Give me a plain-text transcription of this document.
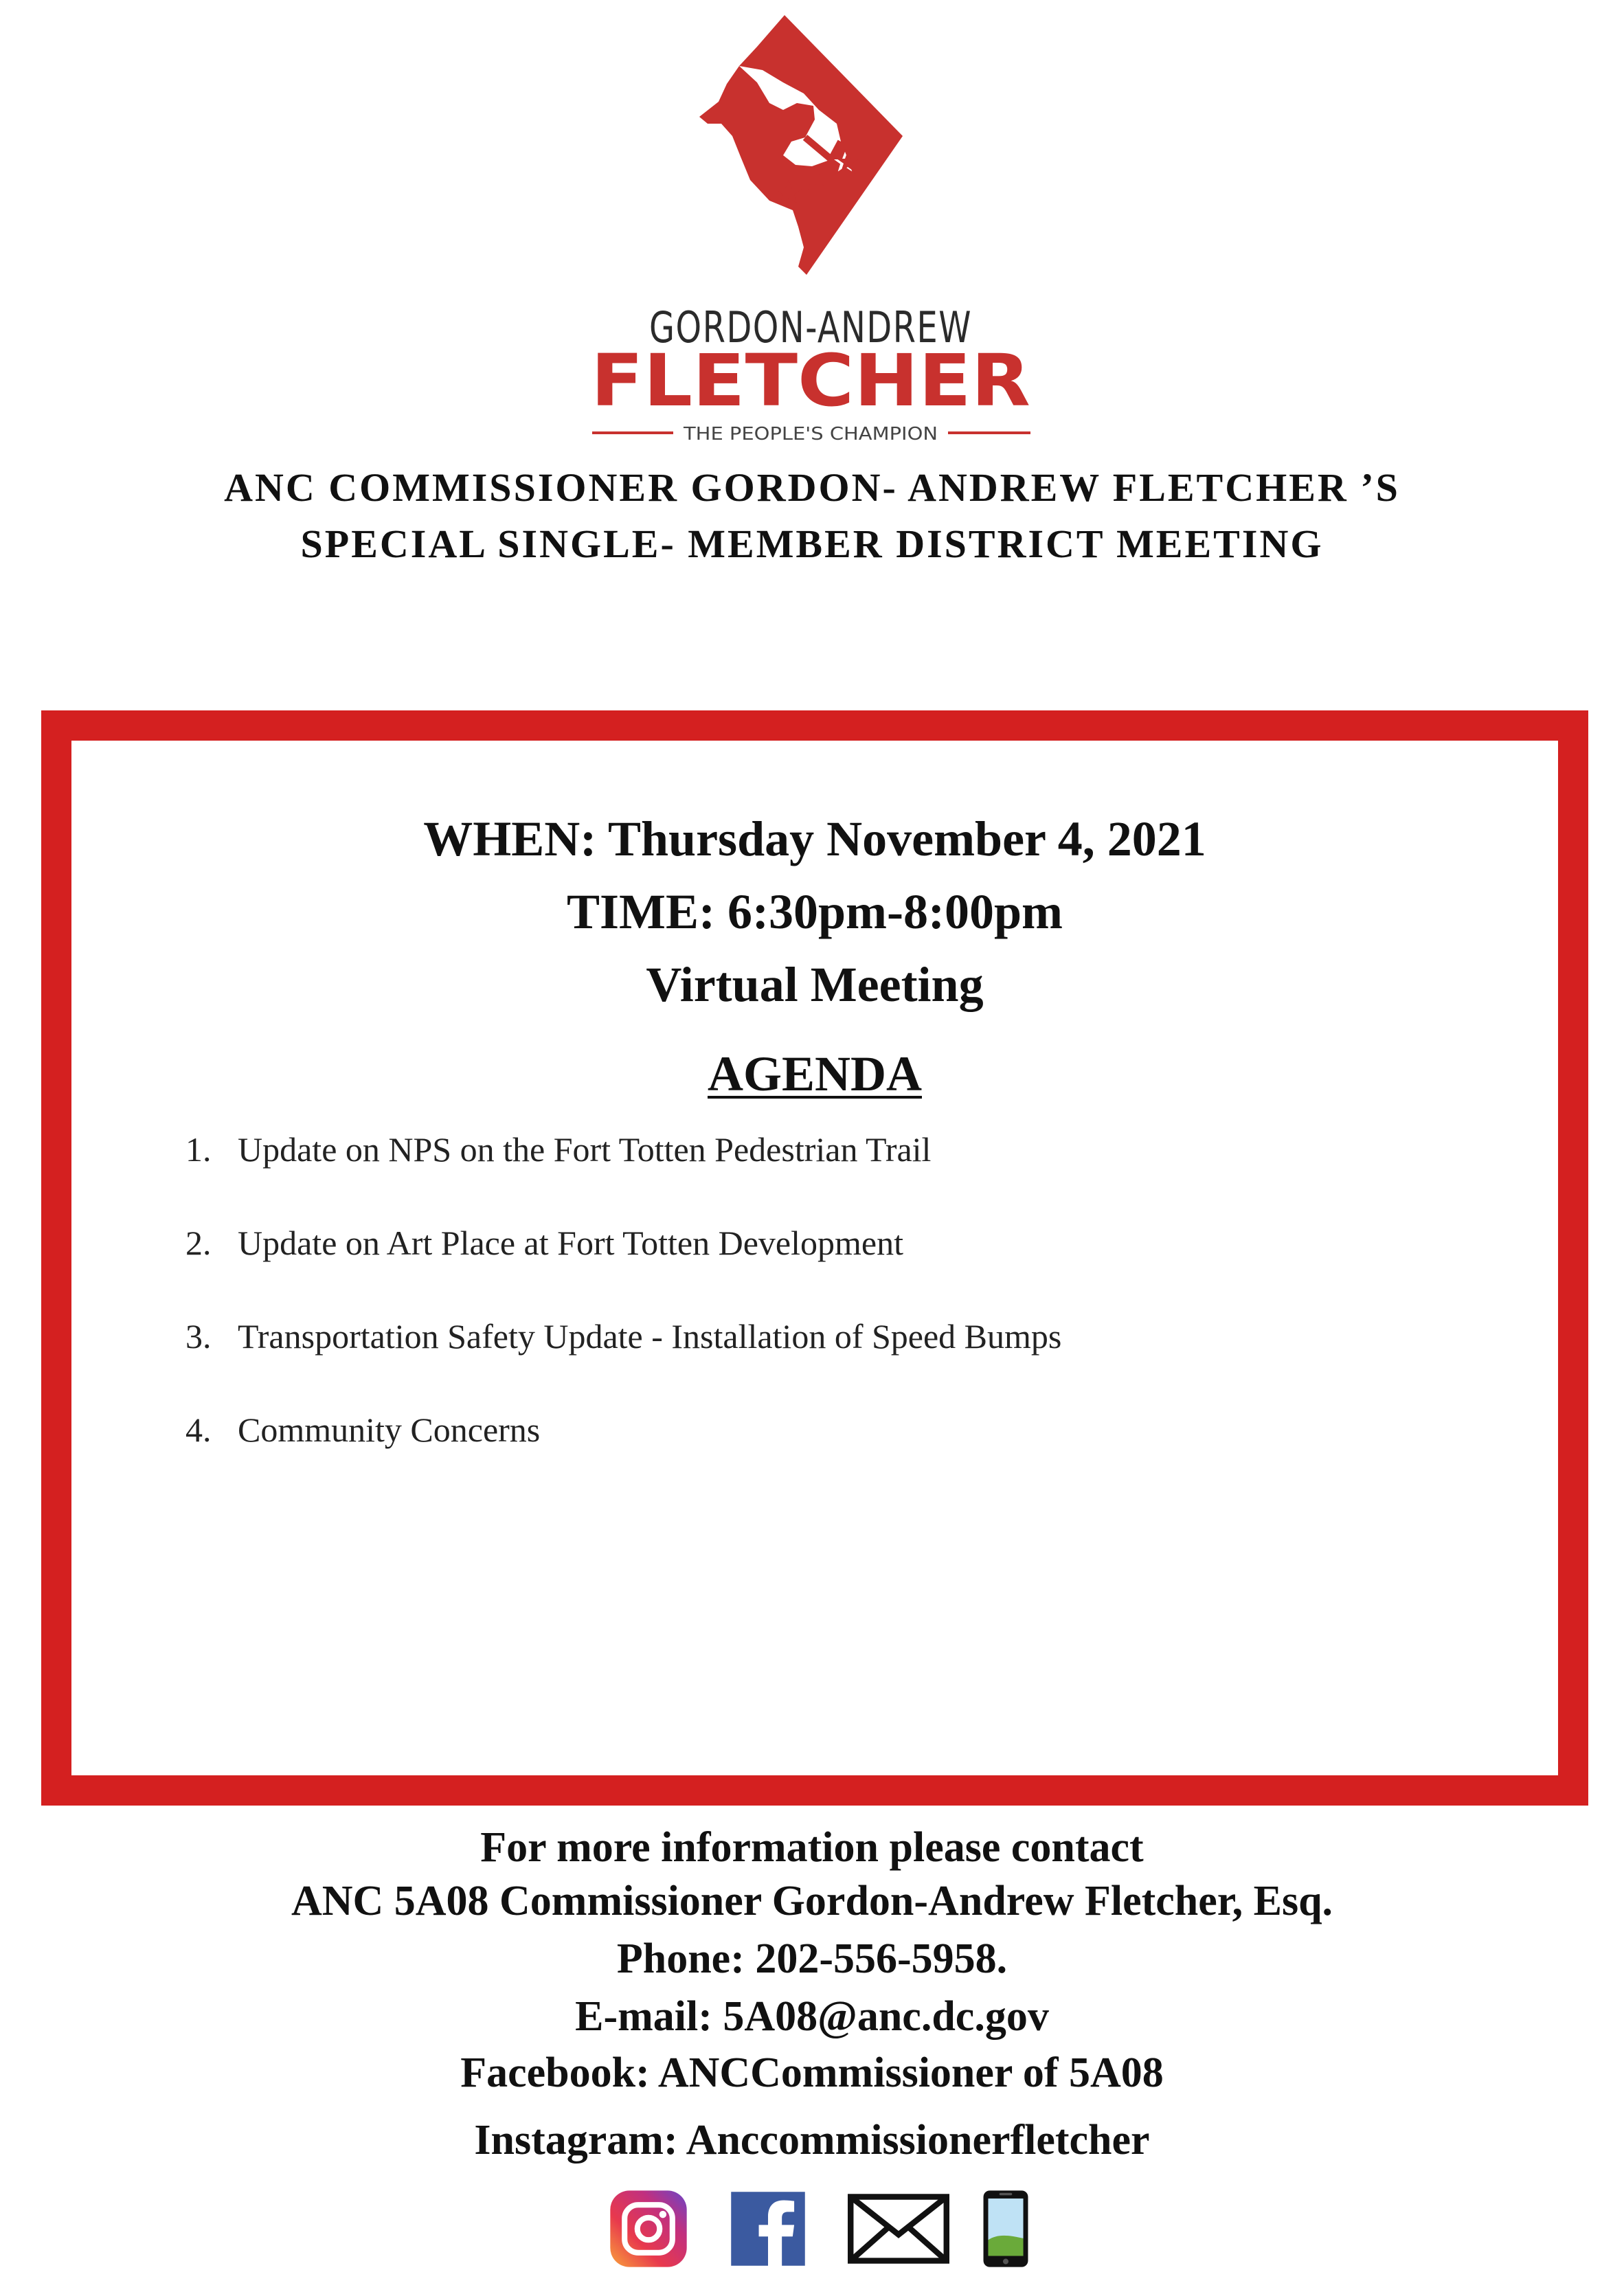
GORDON-ANDREW
FLETCHER
THE PEOPLE'S CHAMPION
ANC COMMISSIONER GORDON- ANDREW FLETCHER ’S
SPECIAL SINGLE- MEMBER DISTRICT MEETING
WHEN: Thursday November 4, 2021
TIME: 6:30pm-8:00pm
Virtual Meeting
AGENDA
1. Update on NPS on the Fort Totten Pedestrian Trail
2. Update on Art Place at Fort Totten Development
3. Transportation Safety Update - Installation of Speed Bumps
4. Community Concerns
For more information please contact
ANC 5A08 Commissioner Gordon-Andrew Fletcher, Esq.
Phone: 202-556-5958.
E-mail: 5A08@anc.dc.gov
Facebook: ANCCommissioner of 5A08
Instagram: Anccommissionerfletcher
